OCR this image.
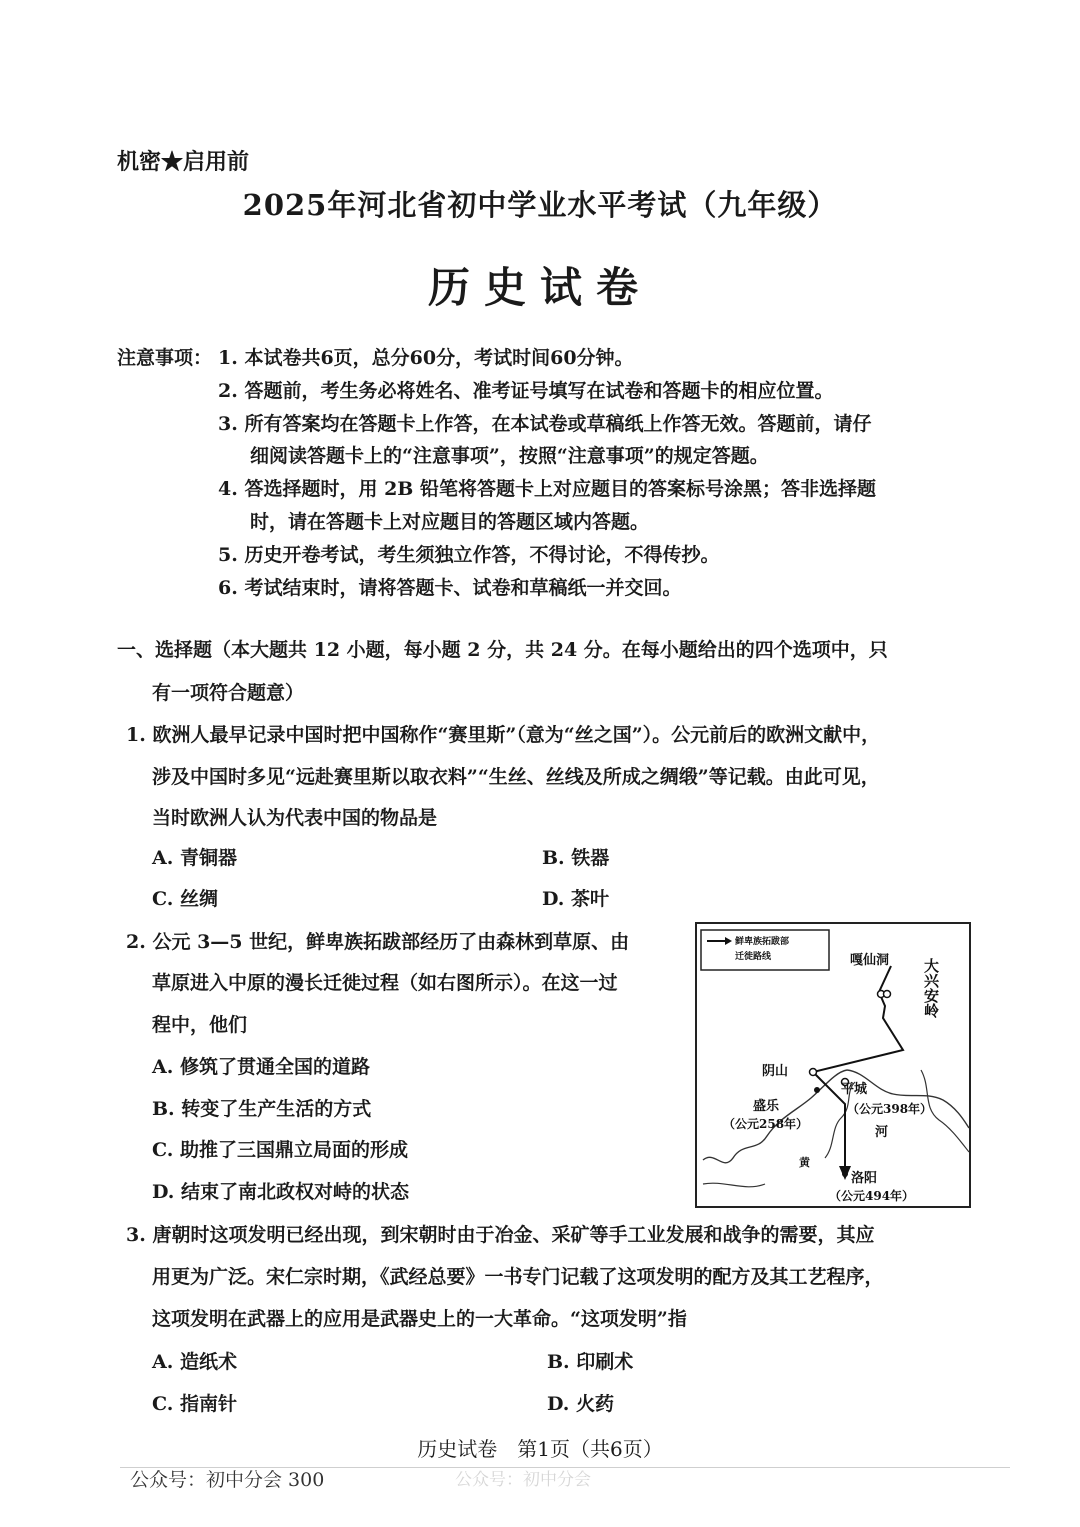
机密★启用前
2025年河北省初中学业水平考试（九年级）
历史试卷
注意事项： 1. 本试卷共6页，总分60分，考试时间60分钟。
2. 答题前，考生务必将姓名、准考证号填写在试卷和答题卡的相应位置。
3. 所有答案均在答题卡上作答，在本试卷或草稿纸上作答无效。答题前，请仔
细阅读答题卡上的“注意事项”，按照“注意事项”的规定答题。
4. 答选择题时，用 2B 铅笔将答题卡上对应题目的答案标号涂黑；答非选择题
时，请在答题卡上对应题目的答题区域内答题。
5. 历史开卷考试，考生须独立作答，不得讨论，不得传抄。
6. 考试结束时，请将答题卡、试卷和草稿纸一并交回。
一、选择题（本大题共 12 小题，每小题 2 分，共 24 分。在每小题给出的四个选项中，只
有一项符合题意）
1. 欧洲人最早记录中国时把中国称作“赛里斯”（意为“丝之国”）。公元前后的欧洲文献中，
涉及中国时多见“远赴赛里斯以取衣料”“生丝、丝线及所成之绸缎”等记载。由此可见，
当时欧洲人认为代表中国的物品是
A. 青铜器	B. 铁器
C. 丝绸	D. 茶叶
2. 公元 3—5 世纪，鲜卑族拓跋部经历了由森林到草原、由
草原进入中原的漫长迁徙过程（如右图所示）。在这一过
程中，他们
A. 修筑了贯通全国的道路
B. 转变了生产生活的方式
C. 助推了三国鼎立局面的形成
D. 结束了南北政权对峙的状态
鲜卑族拓跋部
迁徙路线	嘎仙洞 大兴安岭
阴山
平城
（公元398年）
盛乐
（公元258年）
洛阳
（公元494年）
河
黄
3. 唐朝时这项发明已经出现，到宋朝时由于冶金、采矿等手工业发展和战争的需要，其应
用更为广泛。宋仁宗时期，《武经总要》一书专门记载了这项发明的配方及其工艺程序，
这项发明在武器上的应用是武器史上的一大革命。“这项发明”指
A. 造纸术	B. 印刷术
C. 指南针	D. 火药
历史试卷　第1页（共6页）
公众号：初中分会 300	公众号：初中分会
